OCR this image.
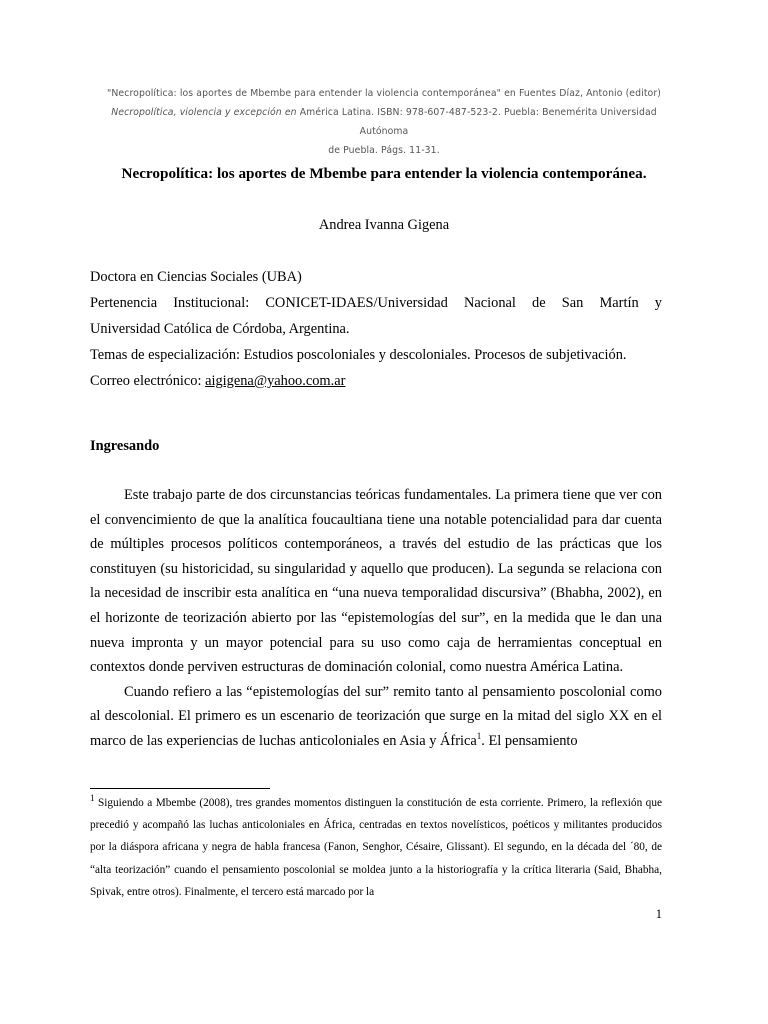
"Necropolítica: los aportes de Mbembe para entender la violencia contemporánea" en Fuentes Díaz, Antonio (editor)
Necropolítica, violencia y excepción en América Latina. ISBN: 978-607-487-523-2. Puebla: Benemérita Universidad Autónoma
de Puebla. Págs. 11-31.
Necropolítica: los aportes de Mbembe para entender la violencia contemporánea.
Andrea Ivanna Gigena
Doctora en Ciencias Sociales (UBA)
Pertenencia Institucional: CONICET-IDAES/Universidad Nacional de San Martín y
Universidad Católica de Córdoba, Argentina.
Temas de especialización: Estudios poscoloniales y descoloniales. Procesos de subjetivación.
Correo electrónico: aigigena@yahoo.com.ar
Ingresando

Este trabajo parte de dos circunstancias teóricas fundamentales. La primera tiene que ver con el convencimiento de que la analítica foucaultiana tiene una notable potencialidad para dar cuenta de múltiples procesos políticos contemporáneos, a través del estudio de las prácticas que los constituyen (su historicidad, su singularidad y aquello que producen). La segunda se relaciona con la necesidad de inscribir esta analítica en “una nueva temporalidad discursiva” (Bhabha, 2002), en el horizonte de teorización abierto por las “epistemologías del sur”, en la medida que le dan una nueva impronta y un mayor potencial para su uso como caja de herramientas conceptual en contextos donde perviven estructuras de dominación colonial, como nuestra América Latina.

Cuando refiero a las “epistemologías del sur” remito tanto al pensamiento poscolonial como al descolonial. El primero es un escenario de teorización que surge en la mitad del siglo XX en el marco de las experiencias de luchas anticoloniales en Asia y África$^1$. El pensamiento

$^1$ Siguiendo a Mbembe (2008), tres grandes momentos distinguen la constitución de esta corriente. Primero, la reflexión que precedió y acompañó las luchas anticoloniales en África, centradas en textos novelísticos, poéticos y militantes producidos por la diáspora africana y negra de habla francesa (Fanon, Senghor, Césaire, Glissant). El segundo, en la década del ´80, de “alta teorización” cuando el pensamiento poscolonial se moldea junto a la historiografía y la crítica literaria (Said, Bhabha, Spivak, entre otros). Finalmente, el tercero está marcado por la
1
